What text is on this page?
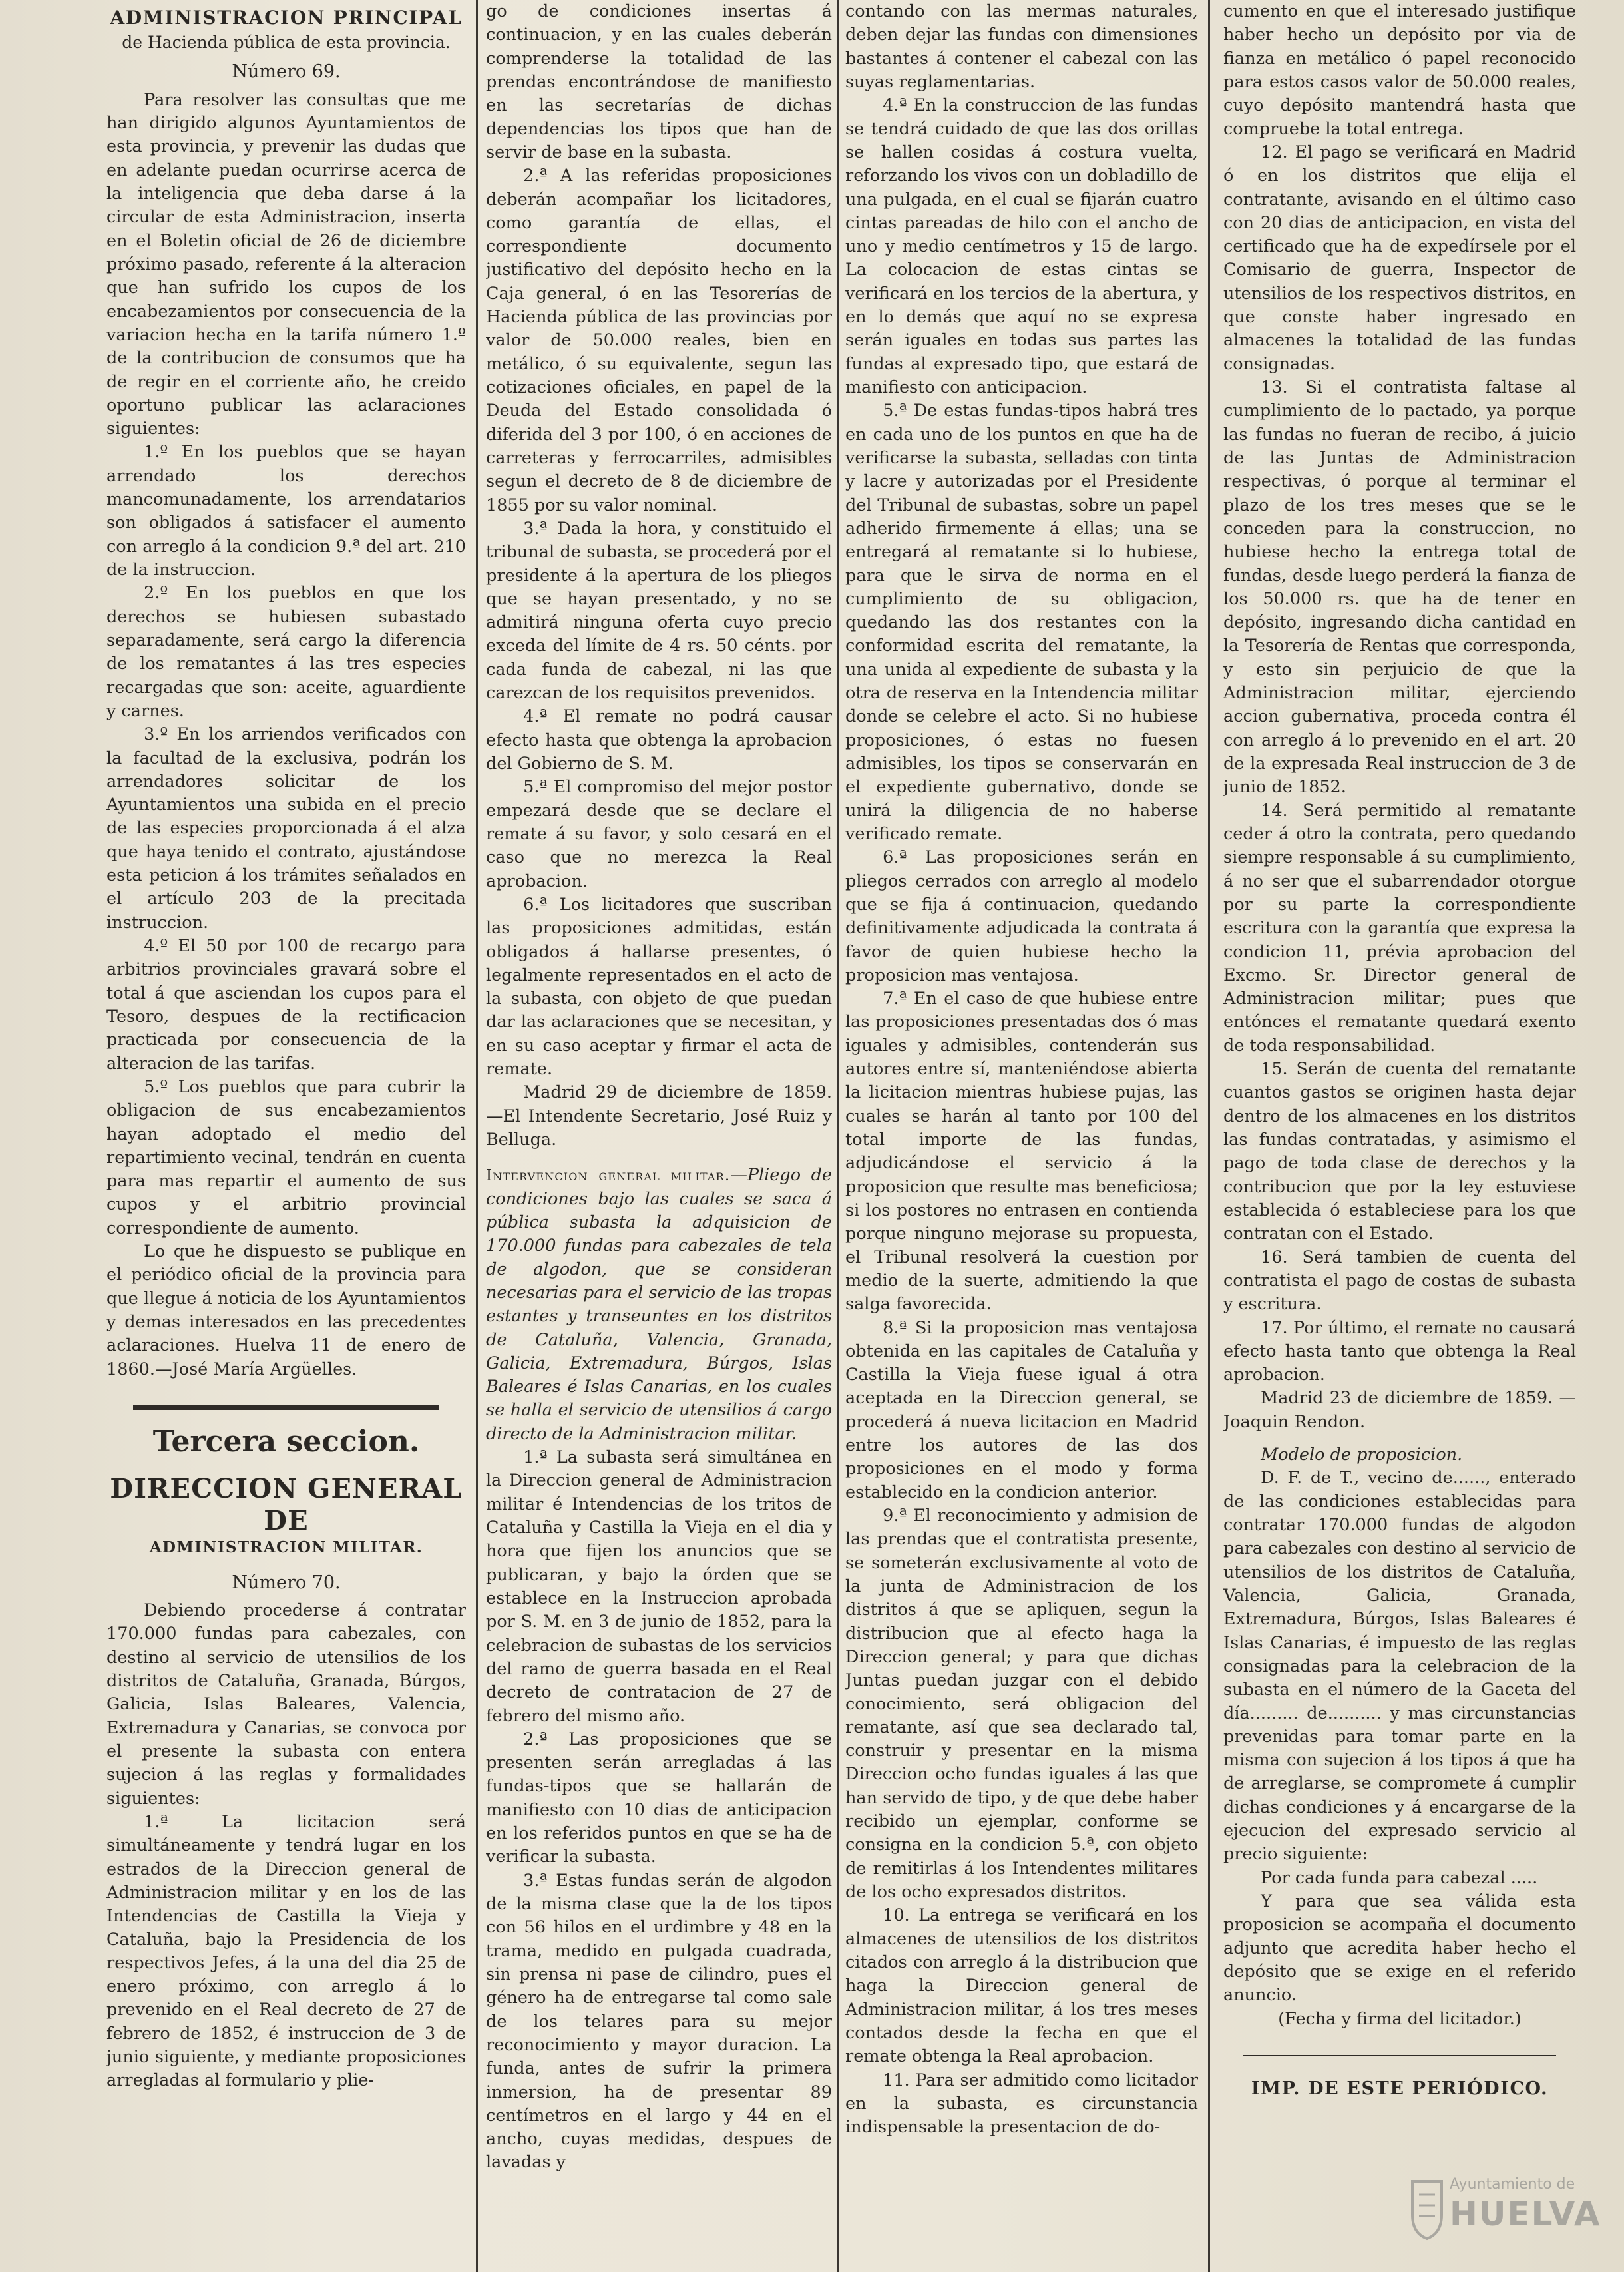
ADMINISTRACION PRINCIPAL
de Hacienda pública de esta provincia.
Número 69.

Para resolver las consultas que me han dirigido algunos Ayuntamientos de esta provincia, y prevenir las dudas que en adelante puedan ocurrirse acerca de la inteligencia que deba darse á la circular de esta Administracion, inserta en el Boletin oficial de 26 de diciembre próximo pasado, referente á la alteracion que han sufrido los cupos de los encabezamientos por consecuencia de la variacion hecha en la tarifa número 1.º de la contribucion de consumos que ha de regir en el corriente año, he creido oportuno publicar las aclaraciones siguientes:

1.º En los pueblos que se hayan arrendado los derechos mancomunadamente, los arrendatarios son obligados á satisfacer el aumento con arreglo á la condicion 9.ª del art. 210 de la instruccion.

2.º En los pueblos en que los derechos se hubiesen subastado separadamente, será cargo la diferencia de los rematantes á las tres especies recargadas que son: aceite, aguardiente y carnes.

3.º En los arriendos verificados con la facultad de la exclusiva, podrán los arrendadores solicitar de los Ayuntamientos una subida en el precio de las especies proporcionada á el alza que haya tenido el contrato, ajustándose esta peticion á los trámites señalados en el artículo 203 de la precitada instruccion.

4.º El 50 por 100 de recargo para arbitrios provinciales gravará sobre el total á que asciendan los cupos para el Tesoro, despues de la rectificacion practicada por consecuencia de la alteracion de las tarifas.

5.º Los pueblos que para cubrir la obligacion de sus encabezamientos hayan adoptado el medio del repartimiento vecinal, tendrán en cuenta para mas repartir el aumento de sus cupos y el arbitrio provincial correspondiente de aumento.

Lo que he dispuesto se publique en el periódico oficial de la provincia para que llegue á noticia de los Ayuntamientos y demas interesados en las precedentes aclaraciones. Huelva 11 de enero de 1860.—José María Argüelles.

Tercera seccion.
DIRECCION GENERAL DE
ADMINISTRACION MILITAR.
Número 70.

Debiendo procederse á contratar 170.000 fundas para cabezales, con destino al servicio de utensilios de los distritos de Cataluña, Granada, Búrgos, Galicia, Islas Baleares, Valencia, Extremadura y Canarias, se convoca por el presente la subasta con entera sujecion á las reglas y formalidades siguientes:

1.ª La licitacion será simultáneamente y tendrá lugar en los estrados de la Direccion general de Administracion militar y en los de las Intendencias de Castilla la Vieja y Cataluña, bajo la Presidencia de los respectivos Jefes, á la una del dia 25 de enero próximo, con arreglo á lo prevenido en el Real decreto de 27 de febrero de 1852, é instruccion de 3 de junio siguiente, y mediante proposiciones arregladas al formulario y plie-

go de condiciones insertas á continuacion, y en las cuales deberán comprenderse la totalidad de las prendas encontrándose de manifiesto en las secretarías de dichas dependencias los tipos que han de servir de base en la subasta.

2.ª A las referidas proposiciones deberán acompañar los licitadores, como garantía de ellas, el correspondiente documento justificativo del depósito hecho en la Caja general, ó en las Tesorerías de Hacienda pública de las provincias por valor de 50.000 reales, bien en metálico, ó su equivalente, segun las cotizaciones oficiales, en papel de la Deuda del Estado consolidada ó diferida del 3 por 100, ó en acciones de carreteras y ferrocarriles, admisibles segun el decreto de 8 de diciembre de 1855 por su valor nominal.

3.ª Dada la hora, y constituido el tribunal de subasta, se procederá por el presidente á la apertura de los pliegos que se hayan presentado, y no se admitirá ninguna oferta cuyo precio exceda del límite de 4 rs. 50 cénts. por cada funda de cabezal, ni las que carezcan de los requisitos prevenidos.

4.ª El remate no podrá causar efecto hasta que obtenga la aprobacion del Gobierno de S. M.

5.ª El compromiso del mejor postor empezará desde que se declare el remate á su favor, y solo cesará en el caso que no merezca la Real aprobacion.

6.ª Los licitadores que suscriban las proposiciones admitidas, están obligados á hallarse presentes, ó legalmente representados en el acto de la subasta, con objeto de que puedan dar las aclaraciones que se necesitan, y en su caso aceptar y firmar el acta de remate.

Madrid 29 de diciembre de 1859. —El Intendente Secretario, José Ruiz y Belluga.

Intervencion general militar.—Pliego de condiciones bajo las cuales se saca á pública subasta la adquisicion de 170.000 fundas para cabezales de tela de algodon, que se consideran necesarias para el servicio de las tropas estantes y transeuntes en los distritos de Cataluña, Valencia, Granada, Galicia, Extremadura, Búrgos, Islas Baleares é Islas Canarias, en los cuales se halla el servicio de utensilios á cargo directo de la Administracion militar.

1.ª La subasta será simultánea en la Direccion general de Administracion militar é Intendencias de los tritos de Cataluña y Castilla la Vieja en el dia y hora que fijen los anuncios que se publicaran, y bajo la órden que se establece en la Instruccion aprobada por S. M. en 3 de junio de 1852, para la celebracion de subastas de los servicios del ramo de guerra basada en el Real decreto de contratacion de 27 de febrero del mismo año.

2.ª Las proposiciones que se presenten serán arregladas á las fundas-tipos que se hallarán de manifiesto con 10 dias de anticipacion en los referidos puntos en que se ha de verificar la subasta.

3.ª Estas fundas serán de algodon de la misma clase que la de los tipos con 56 hilos en el urdimbre y 48 en la trama, medido en pulgada cuadrada, sin prensa ni pase de cilindro, pues el género ha de entregarse tal como sale de los telares para su mejor reconocimiento y mayor duracion. La funda, antes de sufrir la primera inmersion, ha de presentar 89 centímetros en el largo y 44 en el ancho, cuyas medidas, despues de lavadas y

contando con las mermas naturales, deben dejar las fundas con dimensiones bastantes á contener el cabezal con las suyas reglamentarias.

4.ª En la construccion de las fundas se tendrá cuidado de que las dos orillas se hallen cosidas á costura vuelta, reforzando los vivos con un dobladillo de una pulgada, en el cual se fijarán cuatro cintas pareadas de hilo con el ancho de uno y medio centímetros y 15 de largo. La colocacion de estas cintas se verificará en los tercios de la abertura, y en lo demás que aquí no se expresa serán iguales en todas sus partes las fundas al expresado tipo, que estará de manifiesto con anticipacion.

5.ª De estas fundas-tipos habrá tres en cada uno de los puntos en que ha de verificarse la subasta, selladas con tinta y lacre y autorizadas por el Presidente del Tribunal de subastas, sobre un papel adherido firmemente á ellas; una se entregará al rematante si lo hubiese, para que le sirva de norma en el cumplimiento de su obligacion, quedando las dos restantes con la conformidad escrita del rematante, la una unida al expediente de subasta y la otra de reserva en la Intendencia militar donde se celebre el acto. Si no hubiese proposiciones, ó estas no fuesen admisibles, los tipos se conservarán en el expediente gubernativo, donde se unirá la diligencia de no haberse verificado remate.

6.ª Las proposiciones serán en pliegos cerrados con arreglo al modelo que se fija á continuacion, quedando definitivamente adjudicada la contrata á favor de quien hubiese hecho la proposicion mas ventajosa.

7.ª En el caso de que hubiese entre las proposiciones presentadas dos ó mas iguales y admisibles, contenderán sus autores entre sí, manteniéndose abierta la licitacion mientras hubiese pujas, las cuales se harán al tanto por 100 del total importe de las fundas, adjudicándose el servicio á la proposicion que resulte mas beneficiosa; si los postores no entrasen en contienda porque ninguno mejorase su propuesta, el Tribunal resolverá la cuestion por medio de la suerte, admitiendo la que salga favorecida.

8.ª Si la proposicion mas ventajosa obtenida en las capitales de Cataluña y Castilla la Vieja fuese igual á otra aceptada en la Direccion general, se procederá á nueva licitacion en Madrid entre los autores de las dos proposiciones en el modo y forma establecido en la condicion anterior.

9.ª El reconocimiento y admision de las prendas que el contratista presente, se someterán exclusivamente al voto de la junta de Administracion de los distritos á que se apliquen, segun la distribucion que al efecto haga la Direccion general; y para que dichas Juntas puedan juzgar con el debido conocimiento, será obligacion del rematante, así que sea declarado tal, construir y presentar en la misma Direccion ocho fundas iguales á las que han servido de tipo, y de que debe haber recibido un ejemplar, conforme se consigna en la condicion 5.ª, con objeto de remitirlas á los Intendentes militares de los ocho expresados distritos.

10. La entrega se verificará en los almacenes de utensilios de los distritos citados con arreglo á la distribucion que haga la Direccion general de Administracion militar, á los tres meses contados desde la fecha en que el remate obtenga la Real aprobacion.

11. Para ser admitido como licitador en la subasta, es circunstancia indispensable la presentacion de do-

cumento en que el interesado justifique haber hecho un depósito por via de fianza en metálico ó papel reconocido para estos casos valor de 50.000 reales, cuyo depósito mantendrá hasta que compruebe la total entrega.

12. El pago se verificará en Madrid ó en los distritos que elija el contratante, avisando en el último caso con 20 dias de anticipacion, en vista del certificado que ha de expedírsele por el Comisario de guerra, Inspector de utensilios de los respectivos distritos, en que conste haber ingresado en almacenes la totalidad de las fundas consignadas.

13. Si el contratista faltase al cumplimiento de lo pactado, ya porque las fundas no fueran de recibo, á juicio de las Juntas de Administracion respectivas, ó porque al terminar el plazo de los tres meses que se le conceden para la construccion, no hubiese hecho la entrega total de fundas, desde luego perderá la fianza de los 50.000 rs. que ha de tener en depósito, ingresando dicha cantidad en la Tesorería de Rentas que corresponda, y esto sin perjuicio de que la Administracion militar, ejerciendo accion gubernativa, proceda contra él con arreglo á lo prevenido en el art. 20 de la expresada Real instruccion de 3 de junio de 1852.

14. Será permitido al rematante ceder á otro la contrata, pero quedando siempre responsable á su cumplimiento, á no ser que el subarrendador otorgue por su parte la correspondiente escritura con la garantía que expresa la condicion 11, prévia aprobacion del Excmo. Sr. Director general de Administracion militar; pues que entónces el rematante quedará exento de toda responsabilidad.

15. Serán de cuenta del rematante cuantos gastos se originen hasta dejar dentro de los almacenes en los distritos las fundas contratadas, y asimismo el pago de toda clase de derechos y la contribucion que por la ley estuviese establecida ó estableciese para los que contratan con el Estado.

16. Será tambien de cuenta del contratista el pago de costas de subasta y escritura.

17. Por último, el remate no causará efecto hasta tanto que obtenga la Real aprobacion.

Madrid 23 de diciembre de 1859. —Joaquin Rendon.

Modelo de proposicion.

D. F. de T., vecino de......, enterado de las condiciones establecidas para contratar 170.000 fundas de algodon para cabezales con destino al servicio de utensilios de los distritos de Cataluña, Valencia, Galicia, Granada, Extremadura, Búrgos, Islas Baleares é Islas Canarias, é impuesto de las reglas consignadas para la celebracion de la subasta en el número de la Gaceta del día......... de.......... y mas circunstancias prevenidas para tomar parte en la misma con sujecion á los tipos á que ha de arreglarse, se compromete á cumplir dichas condiciones y á encargarse de la ejecucion del expresado servicio al precio siguiente:

Por cada funda para cabezal .....

Y para que sea válida esta proposicion se acompaña el documento adjunto que acredita haber hecho el depósito que se exige en el referido anuncio.

(Fecha y firma del licitador.)

IMP. DE ESTE PERIÓDICO.
Ayuntamiento de
HUELVA
